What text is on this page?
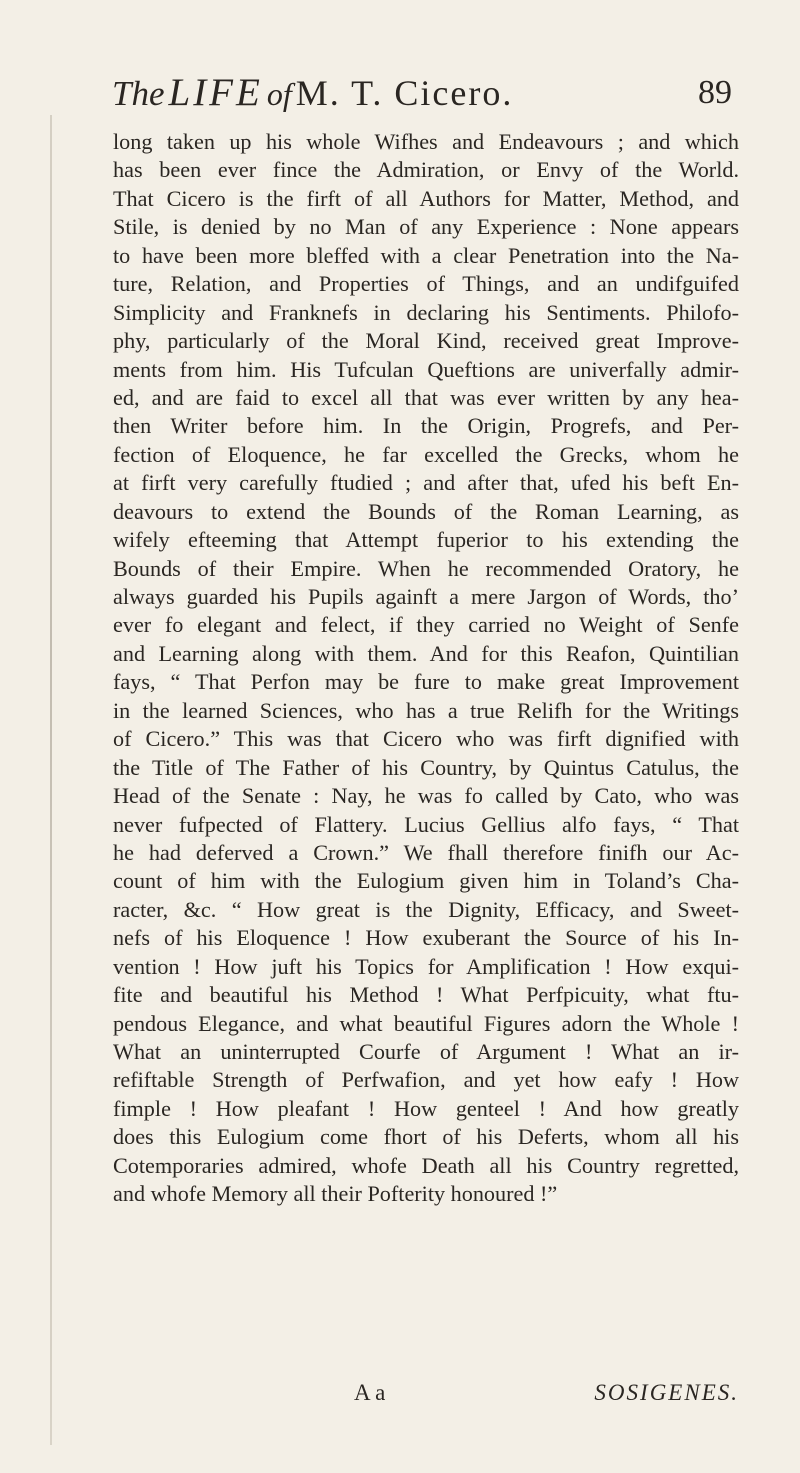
The LIFE of M. T. Cicero.	89
long taken up his whole Wifhes and Endeavours ; and which
has been ever fince the Admiration, or Envy of the World.
That Cicero is the firft of all Authors for Matter, Method, and
Stile, is denied by no Man of any Experience : None appears
to have been more bleffed with a clear Penetration into the Na-
ture, Relation, and Properties of Things, and an undifguifed
Simplicity and Franknefs in declaring his Sentiments. Philofo-
phy, particularly of the Moral Kind, received great Improve-
ments from him. His Tufculan Queftions are univerfally admir-
ed, and are faid to excel all that was ever written by any hea-
then Writer before him. In the Origin, Progrefs, and Per-
fection of Eloquence, he far excelled the Grecks, whom he
at firft very carefully ftudied ; and after that, ufed his beft En-
deavours to extend the Bounds of the Roman Learning, as
wifely efteeming that Attempt fuperior to his extending the
Bounds of their Empire. When he recommended Oratory, he
always guarded his Pupils againft a mere Jargon of Words, tho’
ever fo elegant and felect, if they carried no Weight of Senfe
and Learning along with them. And for this Reafon, Quintilian
fays, “ That Perfon may be fure to make great Improvement
in the learned Sciences, who has a true Relifh for the Writings
of Cicero.” This was that Cicero who was firft dignified with
the Title of The Father of his Country, by Quintus Catulus, the
Head of the Senate : Nay, he was fo called by Cato, who was
never fufpected of Flattery. Lucius Gellius alfo fays, “ That
he had deferved a Crown.” We fhall therefore finifh our Ac-
count of him with the Eulogium given him in Toland’s Cha-
racter, &c. “ How great is the Dignity, Efficacy, and Sweet-
nefs of his Eloquence ! How exuberant the Source of his In-
vention ! How juft his Topics for Amplification ! How exqui-
fite and beautiful his Method ! What Perfpicuity, what ftu-
pendous Elegance, and what beautiful Figures adorn the Whole !
What an uninterrupted Courfe of Argument ! What an ir-
refiftable Strength of Perfwafion, and yet how eafy ! How
fimple ! How pleafant ! How genteel ! And how greatly
does this Eulogium come fhort of his Deferts, whom all his
Cotemporaries admired, whofe Death all his Country regretted,
and whofe Memory all their Pofterity honoured !”
A a	SOSIGENES.
